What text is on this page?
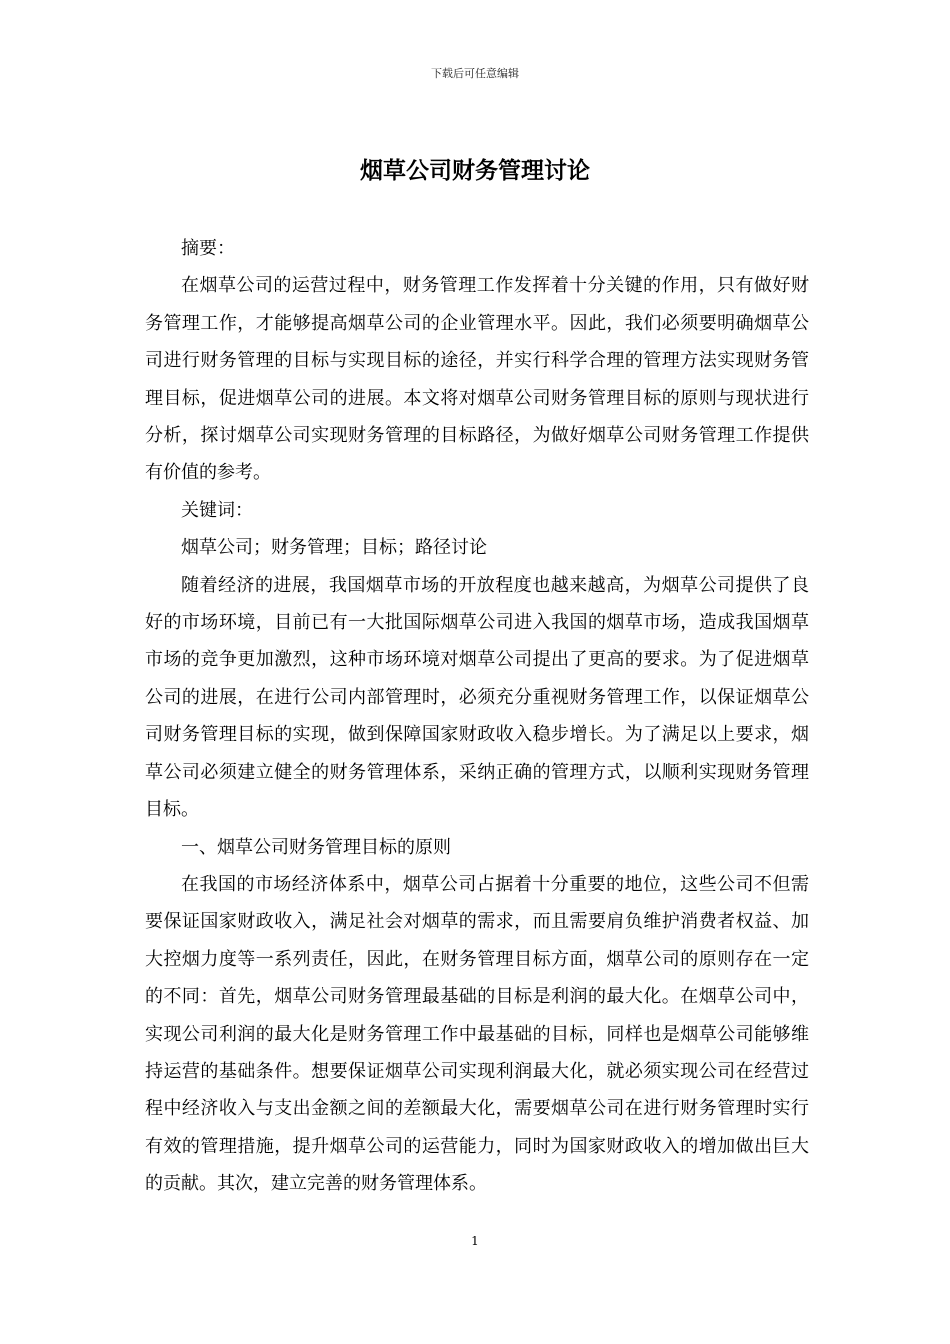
下载后可任意编辑
烟草公司财务管理讨论

摘要：

在烟草公司的运营过程中，财务管理工作发挥着十分关键的作用，只有做好财务管理工作，才能够提高烟草公司的企业管理水平。因此，我们必须要明确烟草公司进行财务管理的目标与实现目标的途径，并实行科学合理的管理方法实现财务管理目标，促进烟草公司的进展。本文将对烟草公司财务管理目标的原则与现状进行分析，探讨烟草公司实现财务管理的目标路径，为做好烟草公司财务管理工作提供有价值的参考。

关键词：

烟草公司；财务管理；目标；路径讨论

随着经济的进展，我国烟草市场的开放程度也越来越高，为烟草公司提供了良好的市场环境，目前已有一大批国际烟草公司进入我国的烟草市场，造成我国烟草市场的竞争更加激烈，这种市场环境对烟草公司提出了更高的要求。为了促进烟草公司的进展，在进行公司内部管理时，必须充分重视财务管理工作，以保证烟草公司财务管理目标的实现，做到保障国家财政收入稳步增长。为了满足以上要求，烟草公司必须建立健全的财务管理体系，采纳正确的管理方式，以顺利实现财务管理目标。

一、烟草公司财务管理目标的原则

在我国的市场经济体系中，烟草公司占据着十分重要的地位，这些公司不但需要保证国家财政收入，满足社会对烟草的需求，而且需要肩负维护消费者权益、加大控烟力度等一系列责任，因此，在财务管理目标方面，烟草公司的原则存在一定的不同：首先，烟草公司财务管理最基础的目标是利润的最大化。在烟草公司中，实现公司利润的最大化是财务管理工作中最基础的目标，同样也是烟草公司能够维持运营的基础条件。想要保证烟草公司实现利润最大化，就必须实现公司在经营过程中经济收入与支出金额之间的差额最大化，需要烟草公司在进行财务管理时实行有效的管理措施，提升烟草公司的运营能力，同时为国家财政收入的增加做出巨大的贡献。其次，建立完善的财务管理体系。

1
